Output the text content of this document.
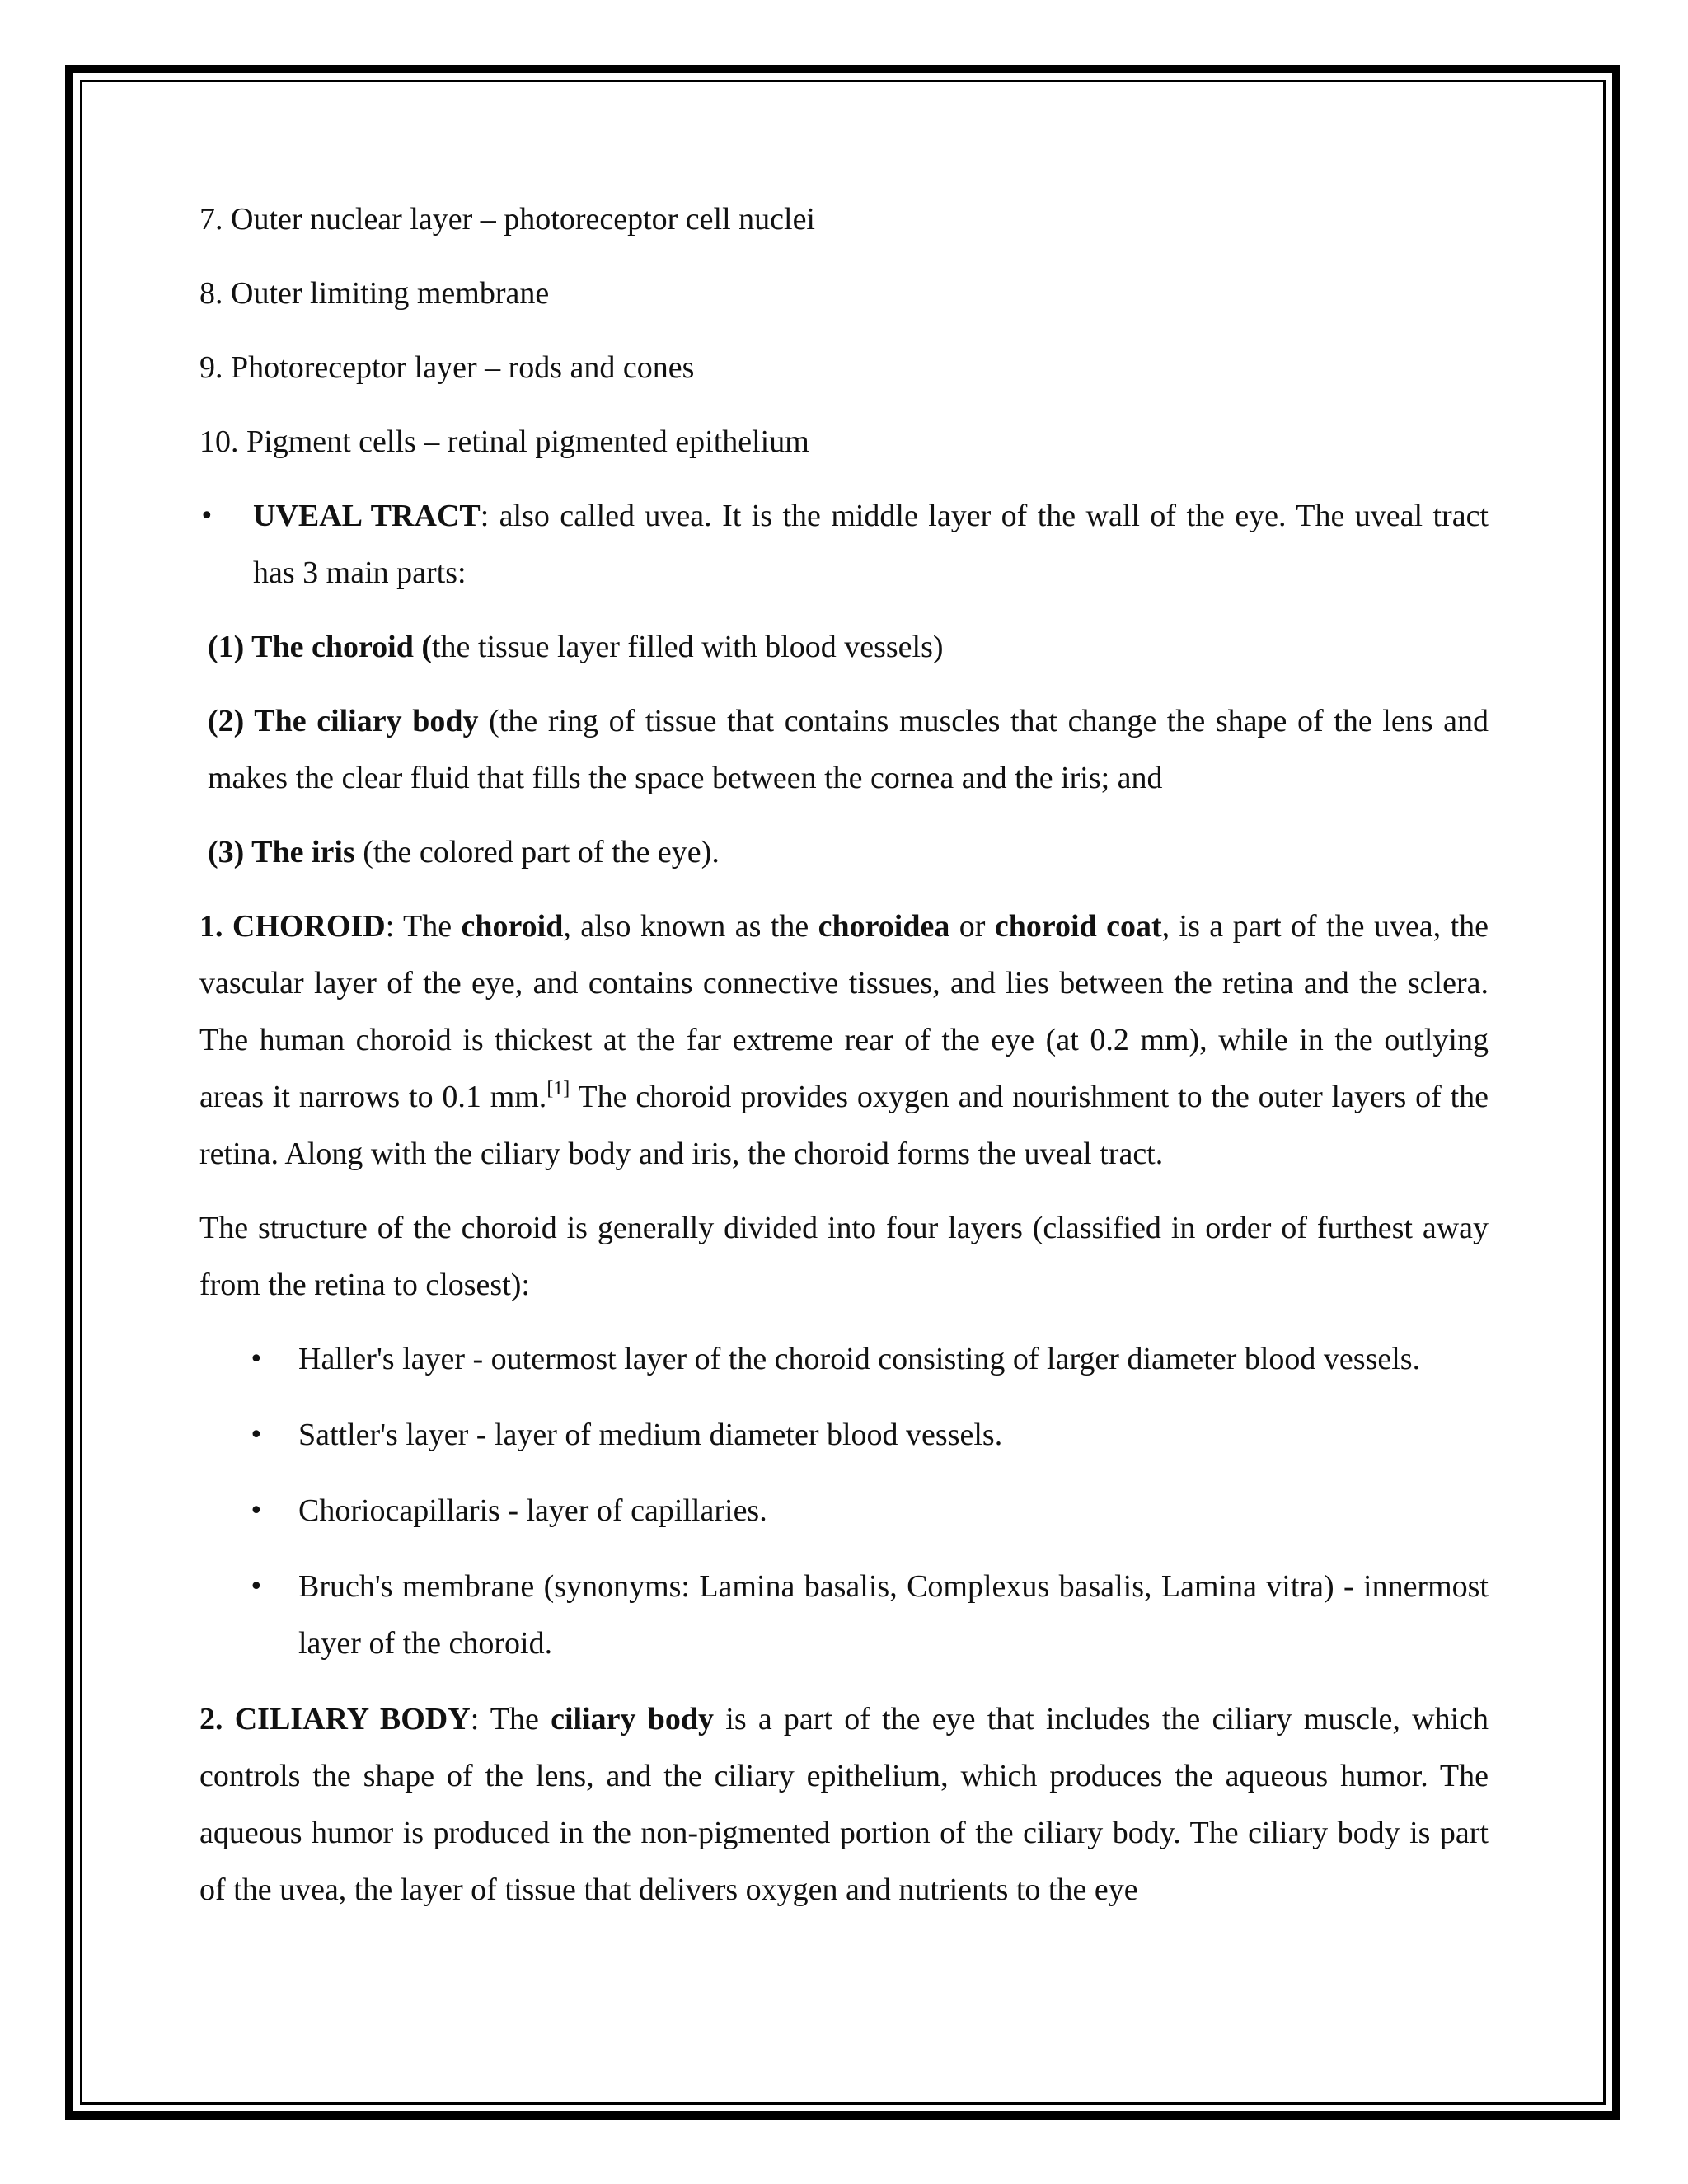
7. Outer nuclear layer – photoreceptor cell nuclei

8. Outer limiting membrane

9. Photoreceptor layer – rods and cones

10. Pigment cells – retinal pigmented epithelium

• UVEAL TRACT: also called uvea. It is the middle layer of the wall of the eye. The uveal tract has 3 main parts:

(1) The choroid (the tissue layer filled with blood vessels)

(2) The ciliary body (the ring of tissue that contains muscles that change the shape of the lens and makes the clear fluid that fills the space between the cornea and the iris; and

(3) The iris (the colored part of the eye).

1. CHOROID: The choroid, also known as the choroidea or choroid coat, is a part of the uvea, the vascular layer of the eye, and contains connective tissues, and lies between the retina and the sclera. The human choroid is thickest at the far extreme rear of the eye (at 0.2 mm), while in the outlying areas it narrows to 0.1 mm.[1] The choroid provides oxygen and nourishment to the outer layers of the retina. Along with the ciliary body and iris, the choroid forms the uveal tract.

The structure of the choroid is generally divided into four layers (classified in order of furthest away from the retina to closest):

• Haller's layer - outermost layer of the choroid consisting of larger diameter blood vessels.
• Sattler's layer - layer of medium diameter blood vessels.
• Choriocapillaris - layer of capillaries.
• Bruch's membrane (synonyms: Lamina basalis, Complexus basalis, Lamina vitra) - innermost layer of the choroid.

2. CILIARY BODY: The ciliary body is a part of the eye that includes the ciliary muscle, which controls the shape of the lens, and the ciliary epithelium, which produces the aqueous humor. The aqueous humor is produced in the non-pigmented portion of the ciliary body. The ciliary body is part of the uvea, the layer of tissue that delivers oxygen and nutrients to the eye
